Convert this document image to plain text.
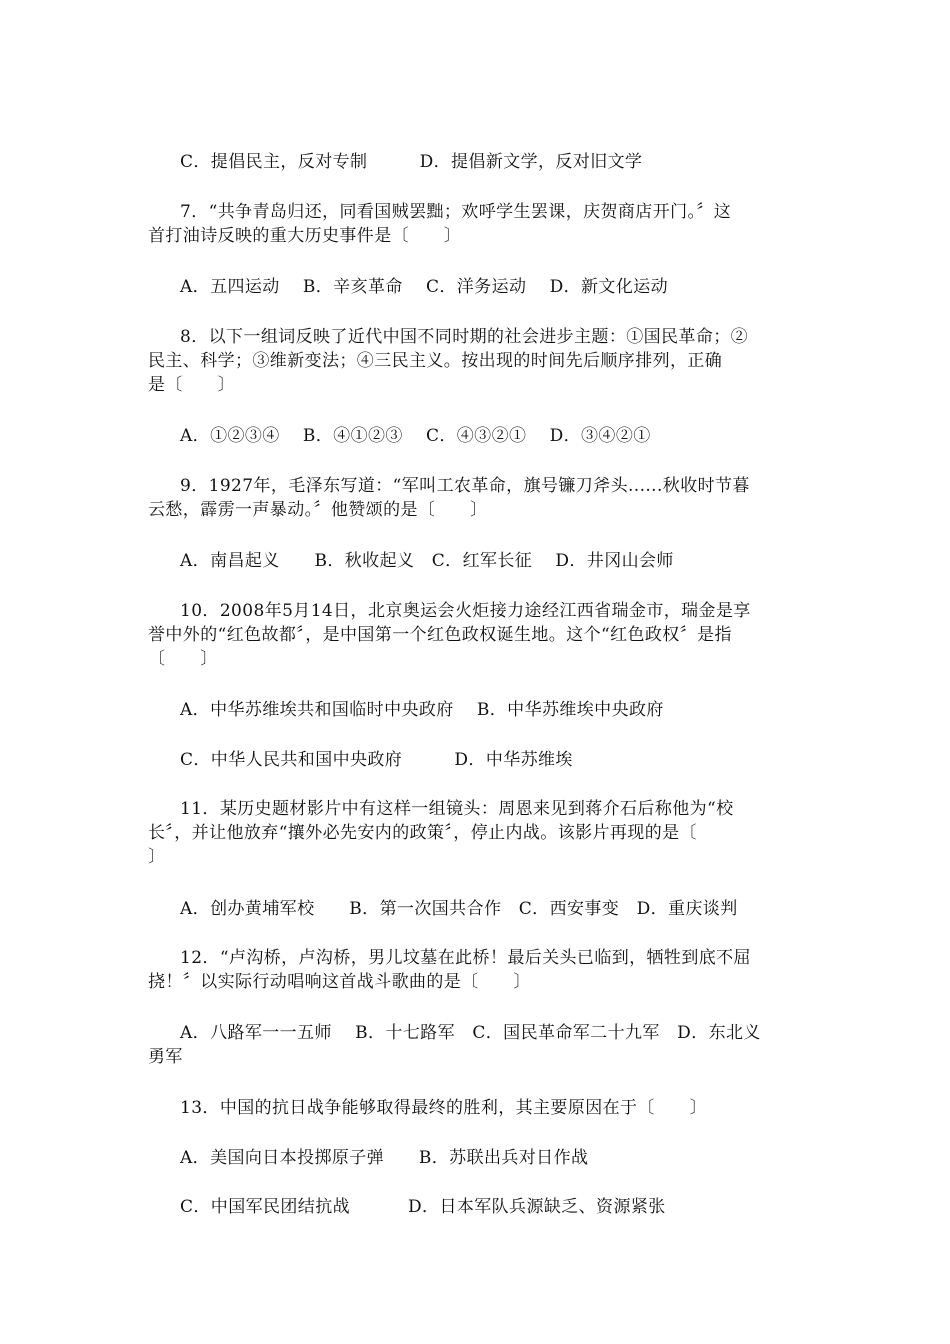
C．提倡民主，反对专制　　　D．提倡新文学，反对旧文学
7．“共争青岛归还，同看国贼罢黜；欢呼学生罢课，庆贺商店开门。〞这
首打油诗反映的重大历史事件是〔　　〕
A．五四运动　 B．辛亥革命　 C．洋务运动　 D．新文化运动
8．以下一组词反映了近代中国不同时期的社会进步主题：①国民革命；②
民主、科学；③维新变法；④三民主义。按出现的时间先后顺序排列，正确
是〔　　〕
A．①②③④　 B．④①②③　 C．④③②①　 D．③④②①
9．1927年，毛泽东写道：“军叫工农革命，旗号镰刀斧头......秋收时节暮
云愁，霹雳一声暴动。〞他赞颂的是〔　　〕
A．南昌起义　　B．秋收起义　C．红军长征　 D．井冈山会师
10．2008年5月14日，北京奥运会火炬接力途经江西省瑞金市，瑞金是享
誉中外的“红色故都〞，是中国第一个红色政权诞生地。这个“红色政权〞是指
〔　　〕
A．中华苏维埃共和国临时中央政府　 B．中华苏维埃中央政府
C．中华人民共和国中央政府　　　D．中华苏维埃
11．某历史题材影片中有这样一组镜头：周恩来见到蒋介石后称他为“校
长〞，并让他放弃“攘外必先安内的政策〞，停止内战。该影片再现的是〔
〕
A．创办黄埔军校　　B．第一次国共合作　C．西安事变　D．重庆谈判
12．“卢沟桥，卢沟桥，男儿坟墓在此桥！最后关头已临到，牺牲到底不屈
挠！〞以实际行动唱响这首战斗歌曲的是〔　　〕
A．八路军一一五师　 B．十七路军　C．国民革命军二十九军　D．东北义
勇军
13．中国的抗日战争能够取得最终的胜利，其主要原因在于〔　　〕
A．美国向日本投掷原子弹　　B．苏联出兵对日作战
C．中国军民团结抗战　　　 D．日本军队兵源缺乏、资源紧张
